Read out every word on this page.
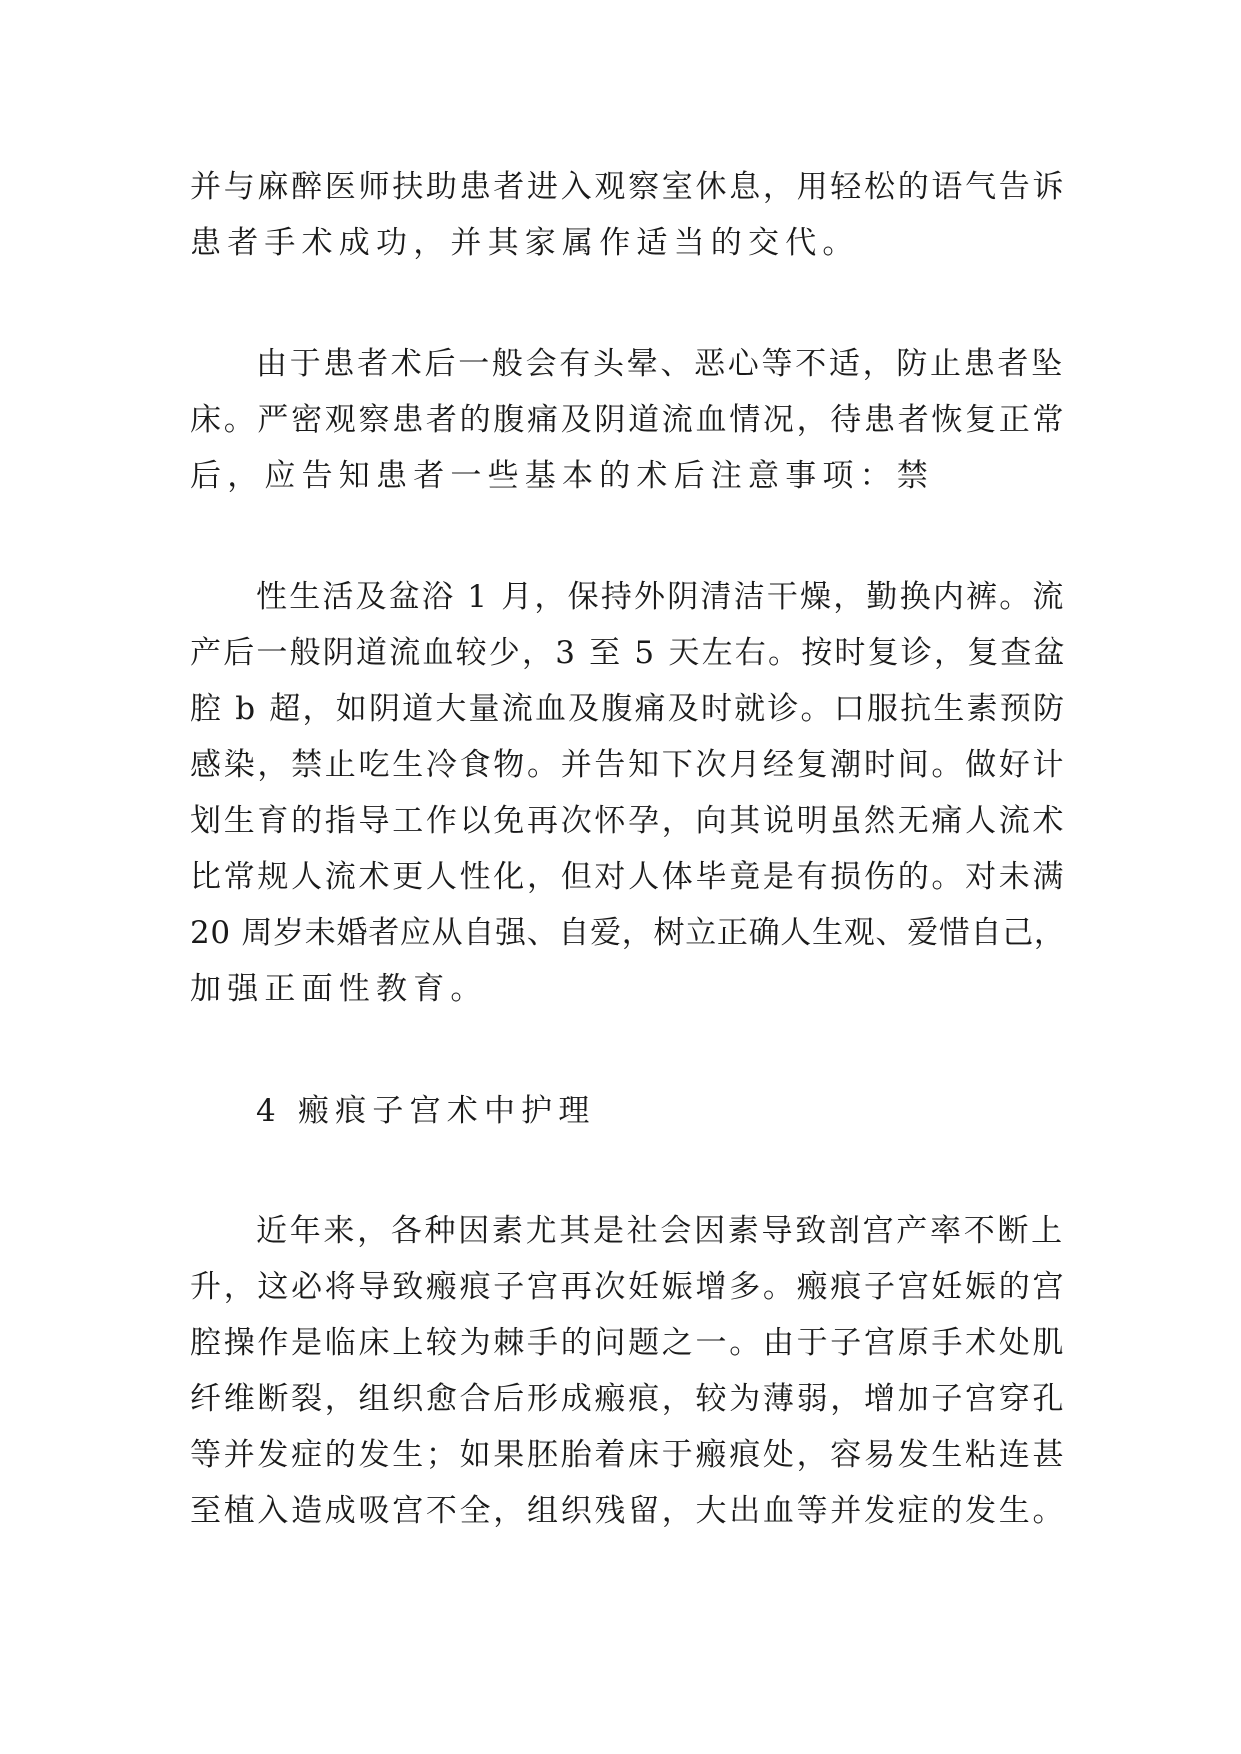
并与麻醉医师扶助患者进入观察室休息，用轻松的语气告诉
患者手术成功，并其家属作适当的交代。
由于患者术后一般会有头晕、恶心等不适，防止患者坠
床。严密观察患者的腹痛及阴道流血情况，待患者恢复正常
后，应告知患者一些基本的术后注意事项：禁
性生活及盆浴 1 月，保持外阴清洁干燥，勤换内裤。流
产后一般阴道流血较少，3 至 5 天左右。按时复诊，复查盆
腔 b 超，如阴道大量流血及腹痛及时就诊。口服抗生素预防
感染，禁止吃生冷食物。并告知下次月经复潮时间。做好计
划生育的指导工作以免再次怀孕，向其说明虽然无痛人流术
比常规人流术更人性化，但对人体毕竟是有损伤的。对未满
20 周岁未婚者应从自强、自爱，树立正确人生观、爱惜自己，
加强正面性教育。
4 瘢痕子宫术中护理
近年来，各种因素尤其是社会因素导致剖宫产率不断上
升，这必将导致瘢痕子宫再次妊娠增多。瘢痕子宫妊娠的宫
腔操作是临床上较为棘手的问题之一。由于子宫原手术处肌
纤维断裂，组织愈合后形成瘢痕，较为薄弱，增加子宫穿孔
等并发症的发生；如果胚胎着床于瘢痕处，容易发生粘连甚
至植入造成吸宫不全，组织残留，大出血等并发症的发生。
